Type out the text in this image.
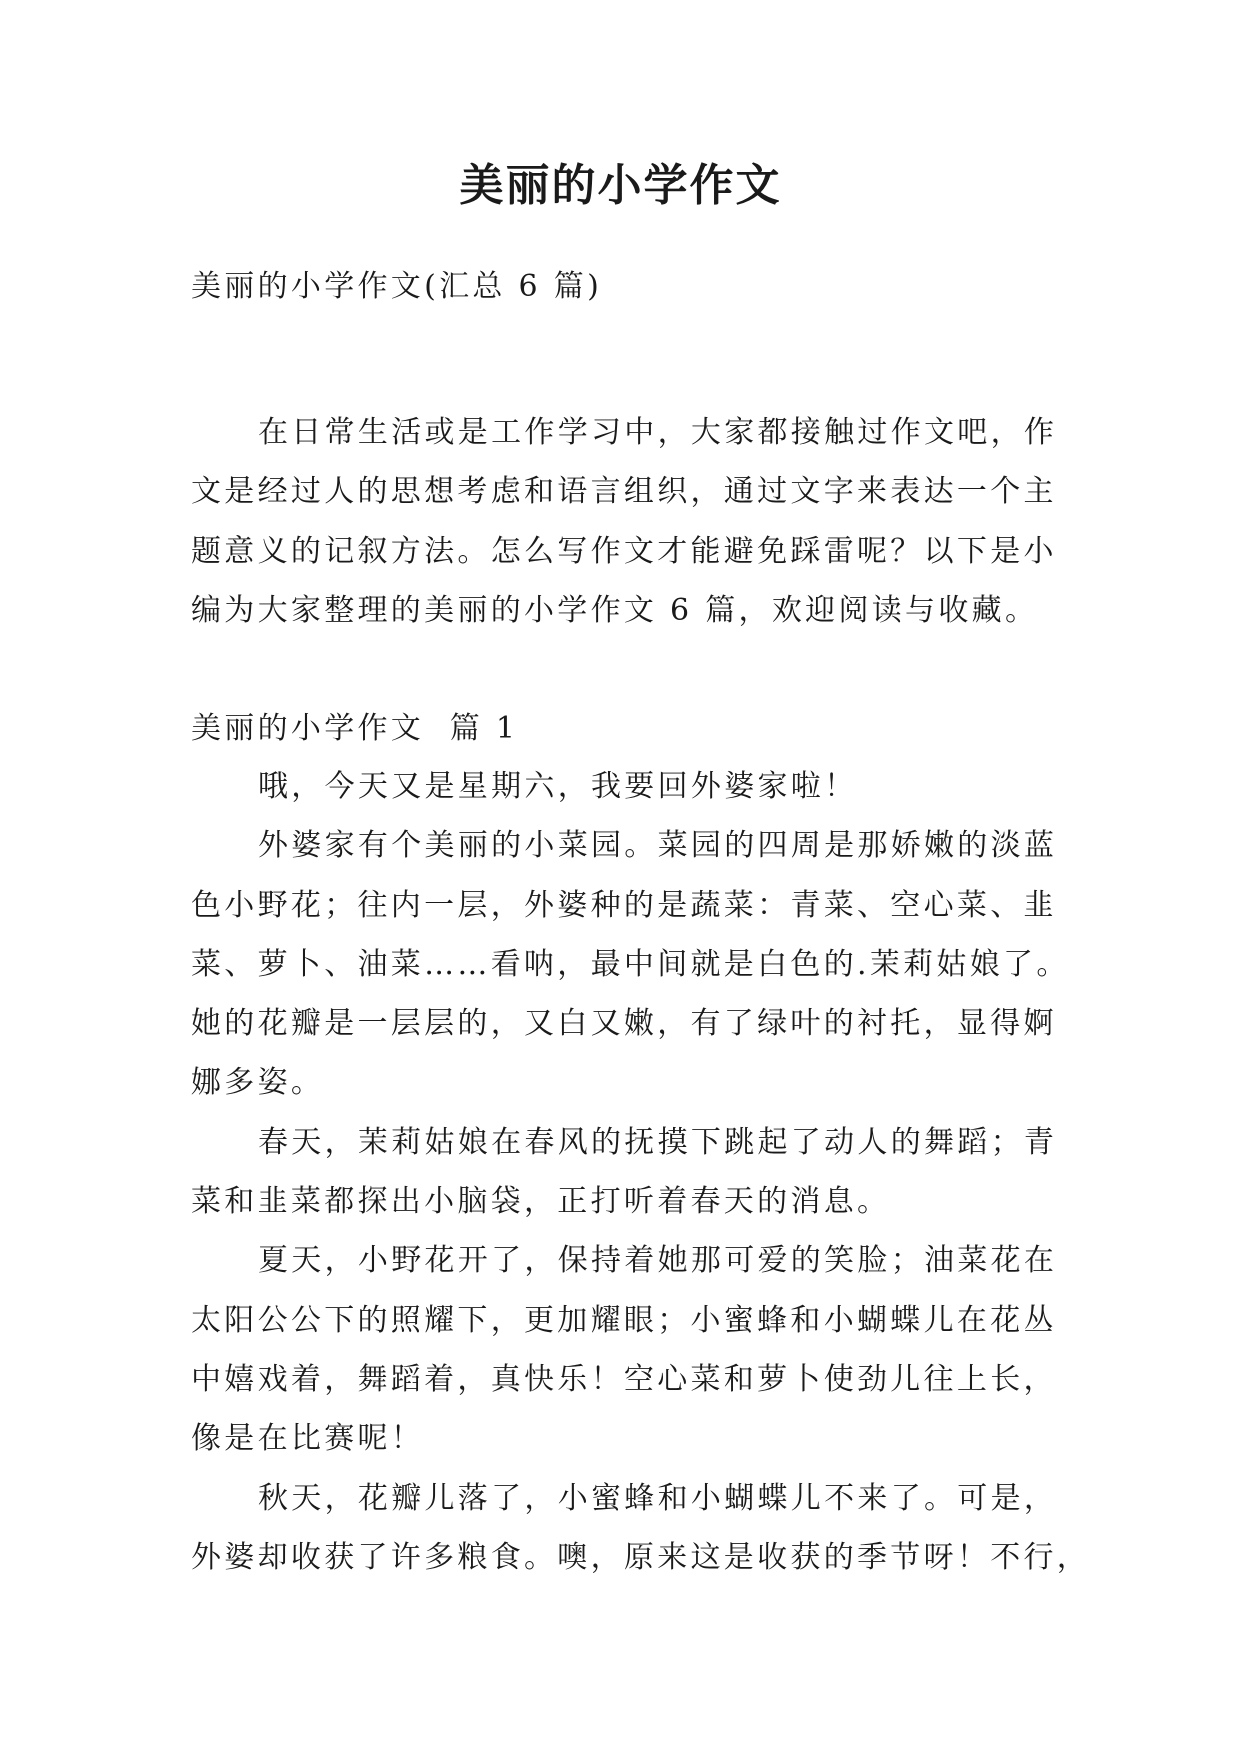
美丽的小学作文
美丽的小学作文(汇总 6 篇)
在日常生活或是工作学习中，大家都接触过作文吧，作
文是经过人的思想考虑和语言组织，通过文字来表达一个主
题意义的记叙方法。怎么写作文才能避免踩雷呢？以下是小
编为大家整理的美丽的小学作文 6 篇，欢迎阅读与收藏。
美丽的小学作文  篇 1
哦，今天又是星期六，我要回外婆家啦！
外婆家有个美丽的小菜园。菜园的四周是那娇嫩的淡蓝
色小野花；往内一层，外婆种的是蔬菜：青菜、空心菜、韭
菜、萝卜、油菜……看呐，最中间就是白色的.茉莉姑娘了。
她的花瓣是一层层的，又白又嫩，有了绿叶的衬托，显得婀
娜多姿。
春天，茉莉姑娘在春风的抚摸下跳起了动人的舞蹈；青
菜和韭菜都探出小脑袋，正打听着春天的消息。
夏天，小野花开了，保持着她那可爱的笑脸；油菜花在
太阳公公下的照耀下，更加耀眼；小蜜蜂和小蝴蝶儿在花丛
中嬉戏着，舞蹈着，真快乐！空心菜和萝卜使劲儿往上长，
像是在比赛呢！
秋天，花瓣儿落了，小蜜蜂和小蝴蝶儿不来了。可是，
外婆却收获了许多粮食。噢，原来这是收获的季节呀！不行，
